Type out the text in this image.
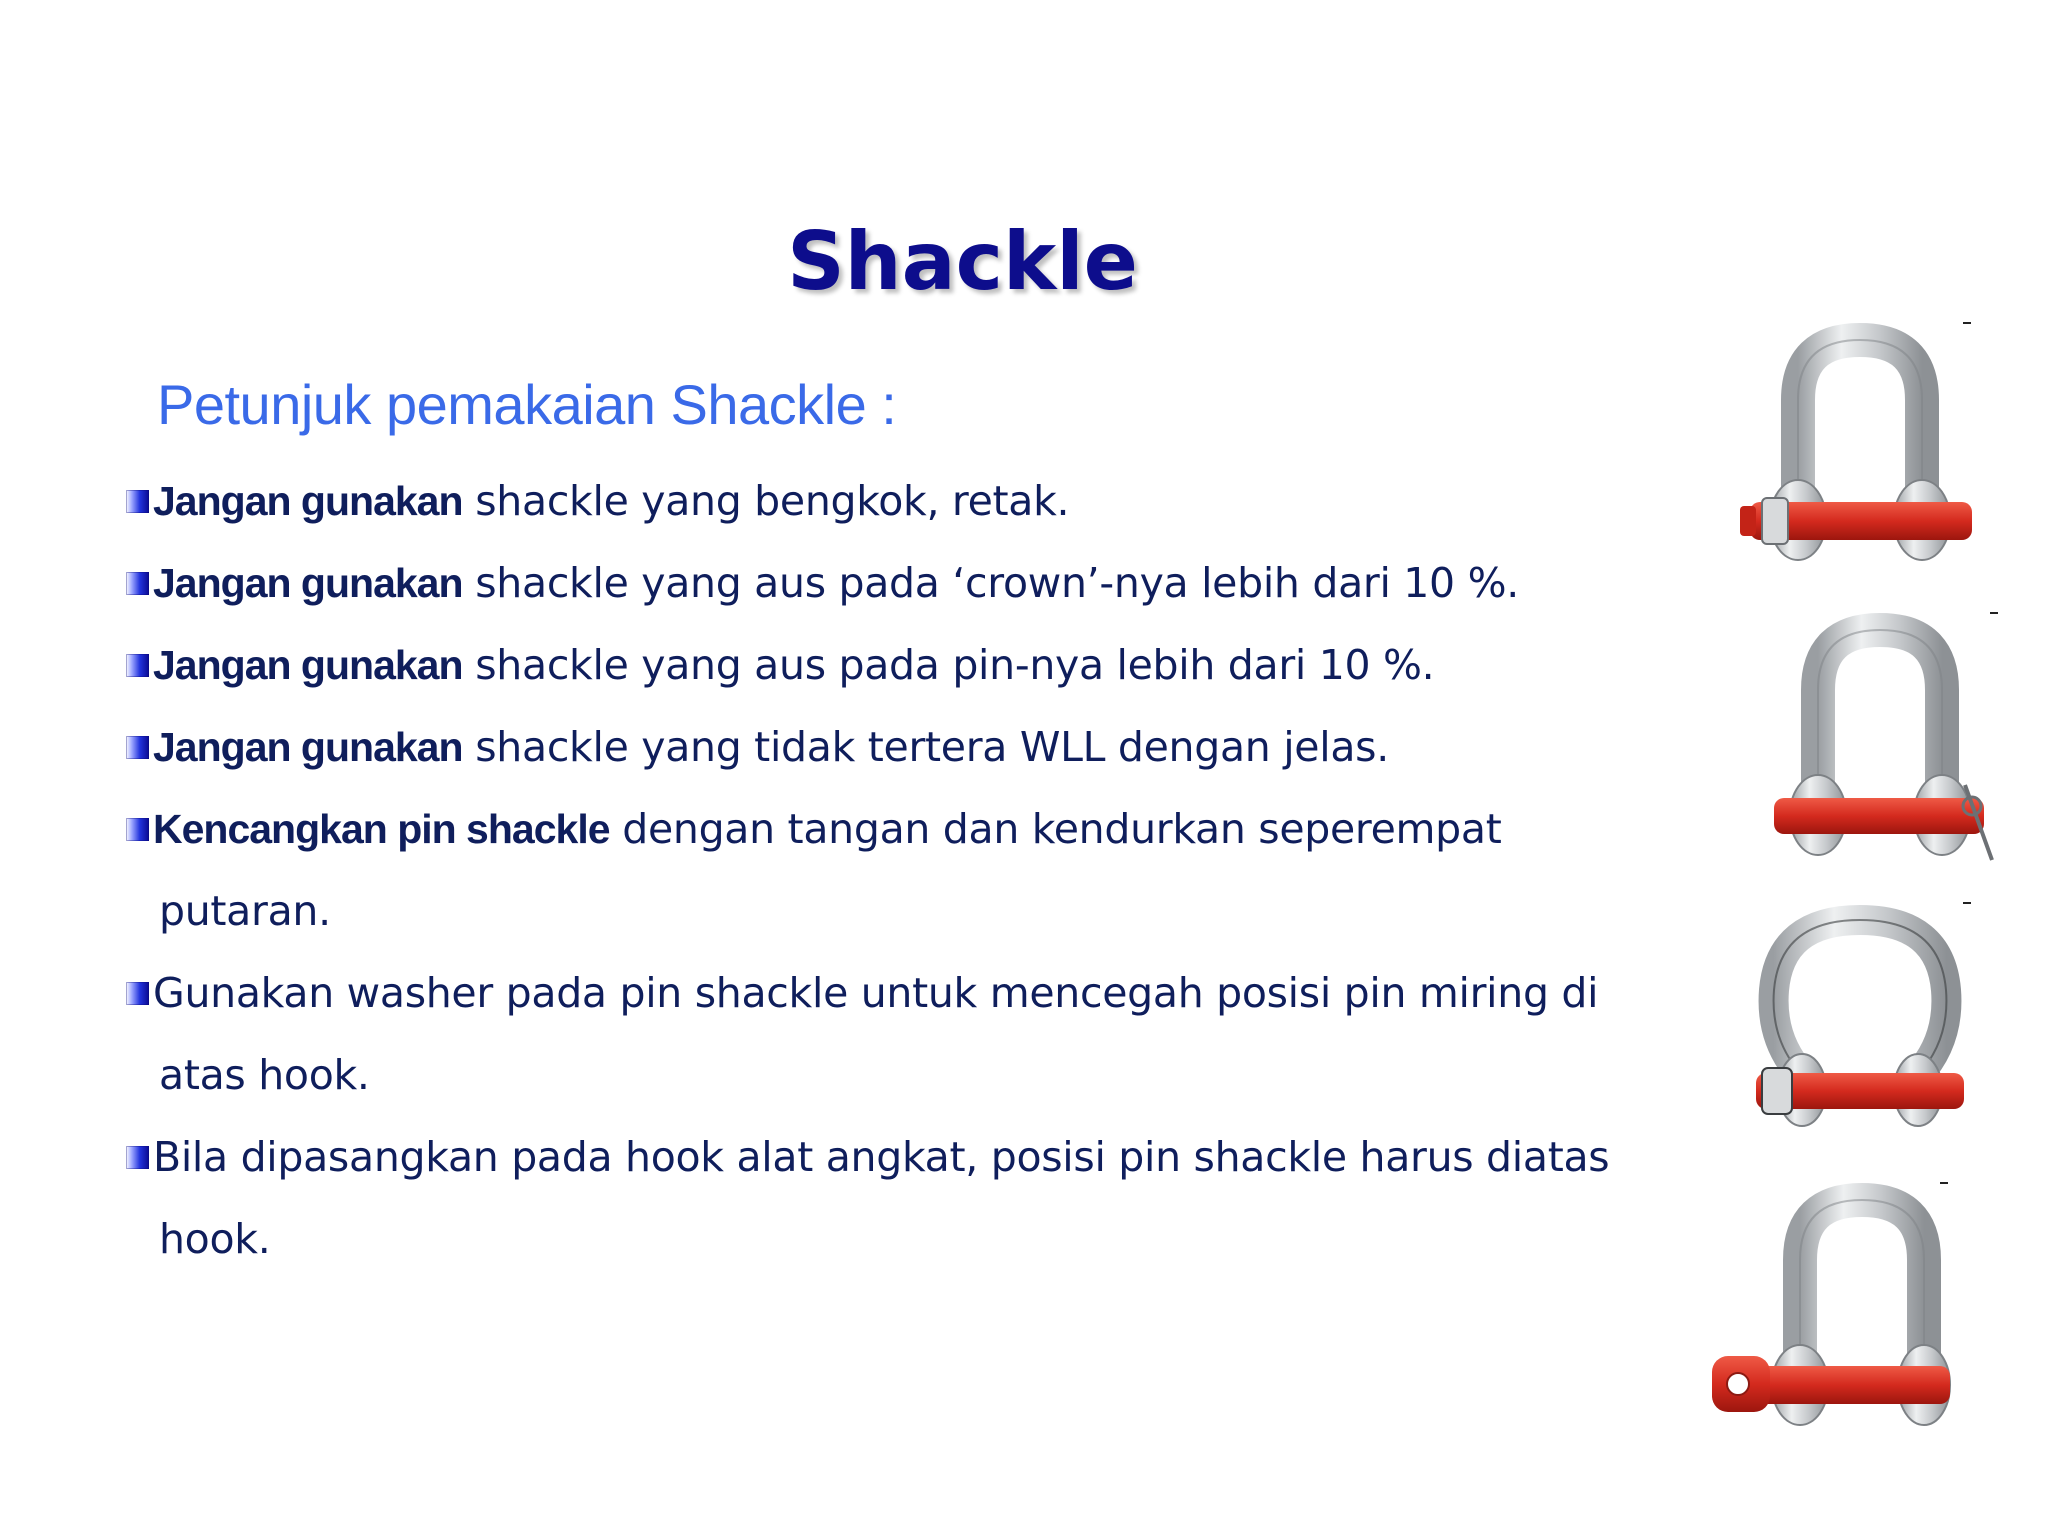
Shackle
Petunjuk pemakaian Shackle :
Jangan gunakan shackle yang bengkok, retak.
Jangan gunakan shackle yang aus pada ‘crown’-nya lebih dari 10 %.
Jangan gunakan shackle yang aus pada pin-nya lebih dari 10 %.
Jangan gunakan shackle yang tidak tertera WLL dengan jelas.
Kencangkan pin shackle dengan tangan dan kendurkan seperempat
putaran.
Gunakan washer pada pin shackle untuk mencegah posisi pin miring di
atas hook.
Bila dipasangkan pada hook alat angkat, posisi pin shackle harus diatas
hook.
